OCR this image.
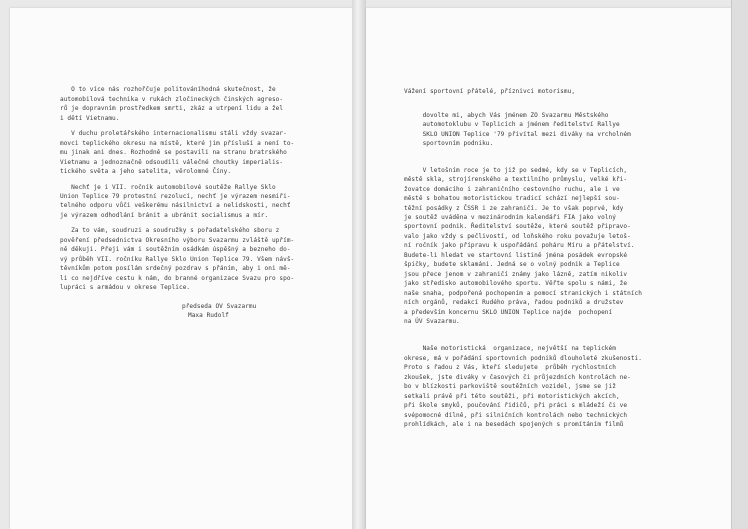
O to více nás rozhořčuje politováníhodná skutečnost, že
automobilová technika v rukách zločineckých činských agreso-
rů je dopravním prostředkem smrti, zkáz a utrpení lidu a žel
i dětí Vietnamu.
V duchu proletářského internacionalismu stáli vždy svazar-
movci teplického okresu na místě, které jim přísluší a není to-
mu jinak ani dnes. Rozhodně se postavili na stranu bratrského
Vietnamu a jednoznačně odsoudili válečné choutky imperialis-
tického světa a jeho satelita, věrolomné Číny.
Nechť je i VII. ročník automobilové soutěže Rallye Sklo
Union Teplice 79 protestní rezolucí, nechť je výrazem nesmiři-
telného odporu vůči veškerému násilnictví a nelidskosti, nechť
je výrazem odhodlání bránit a ubránit socialismus a mír.
Za to vám, soudruzi a soudružky s pořadatelského sboru z
pověření předsednictva Okresního výboru Svazarmu zvláště upřím-
ně děkuji. Přeji vám i soutěžním osádkám úspěšný a bezneho do-
vý průběh VII. ročníku Rallye Sklo Union Teplice 79. Všem návš-
těvníkům potom posílám srdečný pozdrav s přáním, aby i oni mě-
li co nejdříve cestu k nám, do branné organizace Svazu pro spo-
lupráci s armádou v okrese Teplice.
předseda OV Svazarmu
Maxa Rudolf

Vážení sportovní přátelé, příznivci motorismu,
dovolte mi, abych Vás jménem ZO Svazarmu Městského
automotoklubu v Teplicích a jménem ředitelství Rallye
SKLO UNION Teplice '79 přivítal mezi diváky na vrcholném
sportovním podniku.
V letošním roce je to již po sedmé, kdy se v Teplicích,
městě skla, strojírenského a textilního průmyslu, velké kři-
žovatce domácího i zahraničního cestovního ruchu, ale i ve
městě s bohatou motoristickou tradicí schází nejlepší sou-
těžní posádky z ČSSR i ze zahraničí. Je to však poprvé, kdy
je soutěž uváděna v mezinárodním kalendáři FIA jako volný
sportovní podnik. Ředitelství soutěže, které soutěž připravo-
valo jako vždy s pečlivostí, od loňského roku považuje letoš-
ní ročník jako přípravu k uspořádání poháru Míru a přátelství.
Budete-li hledat ve startovní listině jména posádek evropské
špičky, budete sklamáni. Jedná se o volný podnik a Teplice
jsou přece jenom v zahraničí známy jako lázně, zatím nikoliv
jako středisko automobilového sportu. Věřte spolu s námi, že
naše snaha, podpořená pochopením a pomocí stranických i státních
ních orgánů, redakcí Rudého práva, řadou podniků a družstev
a především koncernu SKLO UNION Teplice najde  pochopení
na ÚV Svazarmu.
Naše motoristická  organizace, největší na teplickém
okrese, má v pořádání sportovních podniků dlouholeté zkušenosti.
Proto s řadou z Vás, kteří sledujete  průběh rychlostních
zkoušek, jste diváky v časových či průjezdních kontrolách ne-
bo v blízkosti parkoviště soutěžních vozidel, jsme se již
setkali právě při této soutěži, při motoristických akcích,
při škole smyků, poučování řidičů, při práci s mládeží či ve
svépomocné dílně, při silničních kontrolách nebo technických
prohlídkách, ale i na besedách spojených s promítáním filmů
